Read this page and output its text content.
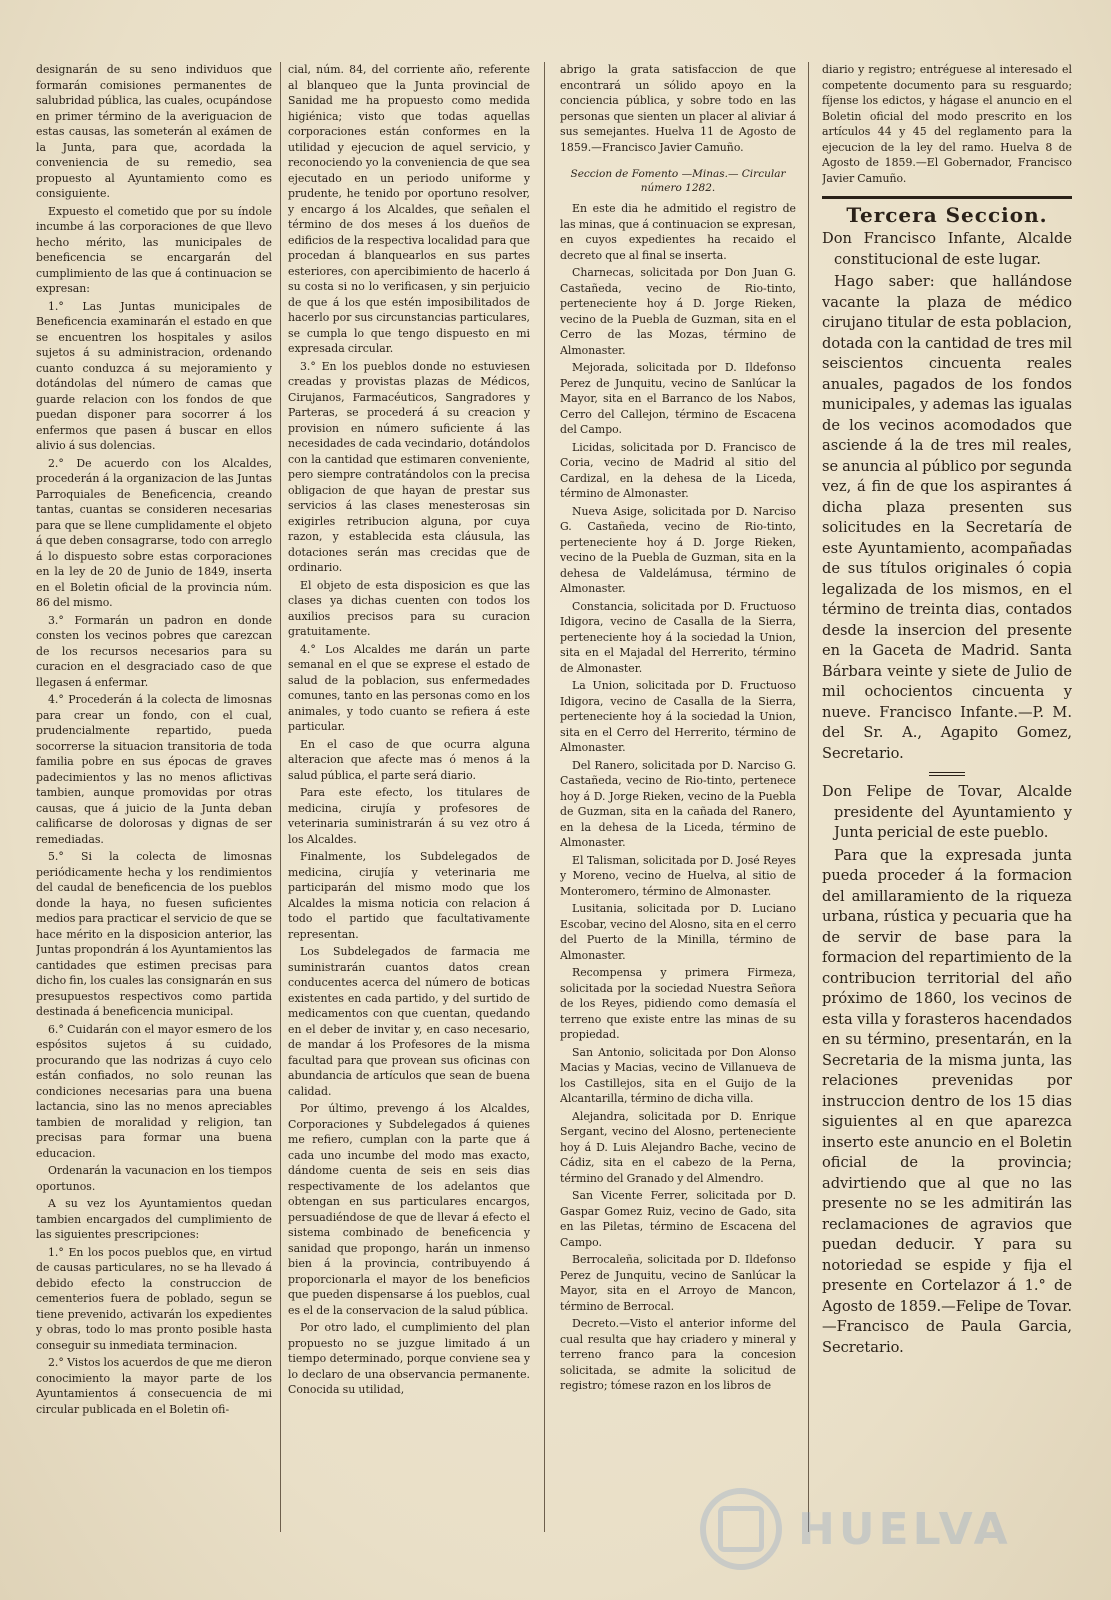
designarán de su seno individuos que formarán comisiones permanentes de salubridad pública, las cuales, ocupándose en primer término de la averiguacion de estas causas, las someterán al exámen de la Junta, para que, acordada la conveniencia de su remedio, sea propuesto al Ayuntamiento como es consiguiente.

Expuesto el cometido que por su índole incumbe á las corporaciones de que llevo hecho mérito, las municipales de beneficencia se encargarán del cumplimiento de las que á continuacion se expresan:

1.° Las Juntas municipales de Beneficencia examinarán el estado en que se encuentren los hospitales y asilos sujetos á su administracion, ordenando cuanto conduzca á su mejoramiento y dotándolas del número de camas que guarde relacion con los fondos de que puedan disponer para socorrer á los enfermos que pasen á buscar en ellos alivio á sus dolencias.

2.° De acuerdo con los Alcaldes, procederán á la organizacion de las Juntas Parroquiales de Beneficencia, creando tantas, cuantas se consideren necesarias para que se llene cumplidamente el objeto á que deben consagrarse, todo con arreglo á lo dispuesto sobre estas corporaciones en la ley de 20 de Junio de 1849, inserta en el Boletin oficial de la provincia núm. 86 del mismo.

3.° Formarán un padron en donde consten los vecinos pobres que carezcan de los recursos necesarios para su curacion en el desgraciado caso de que llegasen á enfermar.

4.° Procederán á la colecta de limosnas para crear un fondo, con el cual, prudencialmente repartido, pueda socorrerse la situacion transitoria de toda familia pobre en sus épocas de graves padecimientos y las no menos aflictivas tambien, aunque promovidas por otras causas, que á juicio de la Junta deban calificarse de dolorosas y dignas de ser remediadas.

5.° Si la colecta de limosnas periódicamente hecha y los rendimientos del caudal de beneficencia de los pueblos donde la haya, no fuesen suficientes medios para practicar el servicio de que se hace mérito en la disposicion anterior, las Juntas propondrán á los Ayuntamientos las cantidades que estimen precisas para dicho fin, los cuales las consignarán en sus presupuestos respectivos como partida destinada á beneficencia municipal.

6.° Cuidarán con el mayor esmero de los espósitos sujetos á su cuidado, procurando que las nodrizas á cuyo celo están confiados, no solo reunan las condiciones necesarias para una buena lactancia, sino las no menos apreciables tambien de moralidad y religion, tan precisas para formar una buena educacion.

Ordenarán la vacunacion en los tiempos oportunos.

A su vez los Ayuntamientos quedan tambien encargados del cumplimiento de las siguientes prescripciones:

1.° En los pocos pueblos que, en virtud de causas particulares, no se ha llevado á debido efecto la construccion de cementerios fuera de poblado, segun se tiene prevenido, activarán los expedientes y obras, todo lo mas pronto posible hasta conseguir su inmediata terminacion.

2.° Vistos los acuerdos de que me dieron conocimiento la mayor parte de los Ayuntamientos á consecuencia de mi circular publicada en el Boletin ofi-

cial, núm. 84, del corriente año, referente al blanqueo que la Junta provincial de Sanidad me ha propuesto como medida higiénica; visto que todas aquellas corporaciones están conformes en la utilidad y ejecucion de aquel servicio, y reconociendo yo la conveniencia de que sea ejecutado en un periodo uniforme y prudente, he tenido por oportuno resolver, y encargo á los Alcaldes, que señalen el término de dos meses á los dueños de edificios de la respectiva localidad para que procedan á blanquearlos en sus partes esteriores, con apercibimiento de hacerlo á su costa si no lo verificasen, y sin perjuicio de que á los que estén imposibilitados de hacerlo por sus circunstancias particulares, se cumpla lo que tengo dispuesto en mi expresada circular.

3.° En los pueblos donde no estuviesen creadas y provistas plazas de Médicos, Cirujanos, Farmacéuticos, Sangradores y Parteras, se procederá á su creacion y provision en número suficiente á las necesidades de cada vecindario, dotándolos con la cantidad que estimaren conveniente, pero siempre contratándolos con la precisa obligacion de que hayan de prestar sus servicios á las clases menesterosas sin exigirles retribucion alguna, por cuya razon, y establecida esta cláusula, las dotaciones serán mas crecidas que de ordinario.

El objeto de esta disposicion es que las clases ya dichas cuenten con todos los auxilios precisos para su curacion gratuitamente.

4.° Los Alcaldes me darán un parte semanal en el que se exprese el estado de salud de la poblacion, sus enfermedades comunes, tanto en las personas como en los animales, y todo cuanto se refiera á este particular.

En el caso de que ocurra alguna alteracion que afecte mas ó menos á la salud pública, el parte será diario.

Para este efecto, los titulares de medicina, cirujía y profesores de veterinaria suministrarán á su vez otro á los Alcaldes.

Finalmente, los Subdelegados de medicina, cirujía y veterinaria me participarán del mismo modo que los Alcaldes la misma noticia con relacion á todo el partido que facultativamente representan.

Los Subdelegados de farmacia me suministrarán cuantos datos crean conducentes acerca del número de boticas existentes en cada partido, y del surtido de medicamentos con que cuentan, quedando en el deber de invitar y, en caso necesario, de mandar á los Profesores de la misma facultad para que provean sus oficinas con abundancia de artículos que sean de buena calidad.

Por último, prevengo á los Alcaldes, Corporaciones y Subdelegados á quienes me refiero, cumplan con la parte que á cada uno incumbe del modo mas exacto, dándome cuenta de seis en seis dias respectivamente de los adelantos que obtengan en sus particulares encargos, persuadiéndose de que de llevar á efecto el sistema combinado de beneficencia y sanidad que propongo, harán un inmenso bien á la provincia, contribuyendo á proporcionarla el mayor de los beneficios que pueden dispensarse á los pueblos, cual es el de la conservacion de la salud pública.

Por otro lado, el cumplimiento del plan propuesto no se juzgue limitado á un tiempo determinado, porque conviene sea y lo declaro de una observancia permanente. Conocida su utilidad,

abrigo la grata satisfaccion de que encontrará un sólido apoyo en la conciencia pública, y sobre todo en las personas que sienten un placer al aliviar á sus semejantes. Huelva 11 de Agosto de 1859.—Francisco Javier Camuño.

Seccion de Fomento —Minas.— Circular número 1282.

En este dia he admitido el registro de las minas, que á continuacion se expresan, en cuyos expedientes ha recaido el decreto que al final se inserta.

Charnecas, solicitada por Don Juan G. Castañeda, vecino de Rio-tinto, perteneciente hoy á D. Jorge Rieken, vecino de la Puebla de Guzman, sita en el Cerro de las Mozas, término de Almonaster.

Mejorada, solicitada por D. Ildefonso Perez de Junquitu, vecino de Sanlúcar la Mayor, sita en el Barranco de los Nabos, Cerro del Callejon, término de Escacena del Campo.

Licidas, solicitada por D. Francisco de Coria, vecino de Madrid al sitio del Cardizal, en la dehesa de la Liceda, término de Almonaster.

Nueva Asige, solicitada por D. Narciso G. Castañeda, vecino de Rio-tinto, perteneciente hoy á D. Jorge Rieken, vecino de la Puebla de Guzman, sita en la dehesa de Valdelámusa, término de Almonaster.

Constancia, solicitada por D. Fructuoso Idigora, vecino de Casalla de la Sierra, perteneciente hoy á la sociedad la Union, sita en el Majadal del Herrerito, término de Almonaster.

La Union, solicitada por D. Fructuoso Idigora, vecino de Casalla de la Sierra, perteneciente hoy á la sociedad la Union, sita en el Cerro del Herrerito, término de Almonaster.

Del Ranero, solicitada por D. Narciso G. Castañeda, vecino de Rio-tinto, pertenece hoy á D. Jorge Rieken, vecino de la Puebla de Guzman, sita en la cañada del Ranero, en la dehesa de la Liceda, término de Almonaster.

El Talisman, solicitada por D. José Reyes y Moreno, vecino de Huelva, al sitio de Monteromero, término de Almonaster.

Lusitania, solicitada por D. Luciano Escobar, vecino del Alosno, sita en el cerro del Puerto de la Minilla, término de Almonaster.

Recompensa y primera Firmeza, solicitada por la sociedad Nuestra Señora de los Reyes, pidiendo como demasía el terreno que existe entre las minas de su propiedad.

San Antonio, solicitada por Don Alonso Macias y Macias, vecino de Villanueva de los Castillejos, sita en el Guijo de la Alcantarilla, término de dicha villa.

Alejandra, solicitada por D. Enrique Sergant, vecino del Alosno, perteneciente hoy á D. Luis Alejandro Bache, vecino de Cádiz, sita en el cabezo de la Perna, término del Granado y del Almendro.

San Vicente Ferrer, solicitada por D. Gaspar Gomez Ruiz, vecino de Gado, sita en las Piletas, término de Escacena del Campo.

Berrocaleña, solicitada por D. Ildefonso Perez de Junquitu, vecino de Sanlúcar la Mayor, sita en el Arroyo de Mancon, término de Berrocal.

Decreto.—Visto el anterior informe del cual resulta que hay criadero y mineral y terreno franco para la concesion solicitada, se admite la solicitud de registro; tómese razon en los libros de

diario y registro; entréguese al interesado el competente documento para su resguardo; fíjense los edictos, y hágase el anuncio en el Boletin oficial del modo prescrito en los artículos 44 y 45 del reglamento para la ejecucion de la ley del ramo. Huelva 8 de Agosto de 1859.—El Gobernador, Francisco Javier Camuño.

Tercera Seccion.

Don Francisco Infante, Alcalde constitucional de este lugar.

Hago saber: que hallándose vacante la plaza de médico cirujano titular de esta poblacion, dotada con la cantidad de tres mil seiscientos cincuenta reales anuales, pagados de los fondos municipales, y ademas las igualas de los vecinos acomodados que asciende á la de tres mil reales, se anuncia al público por segunda vez, á fin de que los aspirantes á dicha plaza presenten sus solicitudes en la Secretaría de este Ayuntamiento, acompañadas de sus títulos originales ó copia legalizada de los mismos, en el término de treinta dias, contados desde la insercion del presente en la Gaceta de Madrid. Santa Bárbara veinte y siete de Julio de mil ochocientos cincuenta y nueve. Francisco Infante.—P. M. del Sr. A., Agapito Gomez, Secretario.

Don Felipe de Tovar, Alcalde presidente del Ayuntamiento y Junta pericial de este pueblo.

Para que la expresada junta pueda proceder á la formacion del amillaramiento de la riqueza urbana, rústica y pecuaria que ha de servir de base para la formacion del repartimiento de la contribucion territorial del año próximo de 1860, los vecinos de esta villa y forasteros hacendados en su término, presentarán, en la Secretaria de la misma junta, las relaciones prevenidas por instruccion dentro de los 15 dias siguientes al en que aparezca inserto este anuncio en el Boletin oficial de la provincia; advirtiendo que al que no las presente no se les admitirán las reclamaciones de agravios que puedan deducir. Y para su notoriedad se espide y fija el presente en Cortelazor á 1.° de Agosto de 1859.—Felipe de Tovar.—Francisco de Paula Garcia, Secretario.

HUELVA
